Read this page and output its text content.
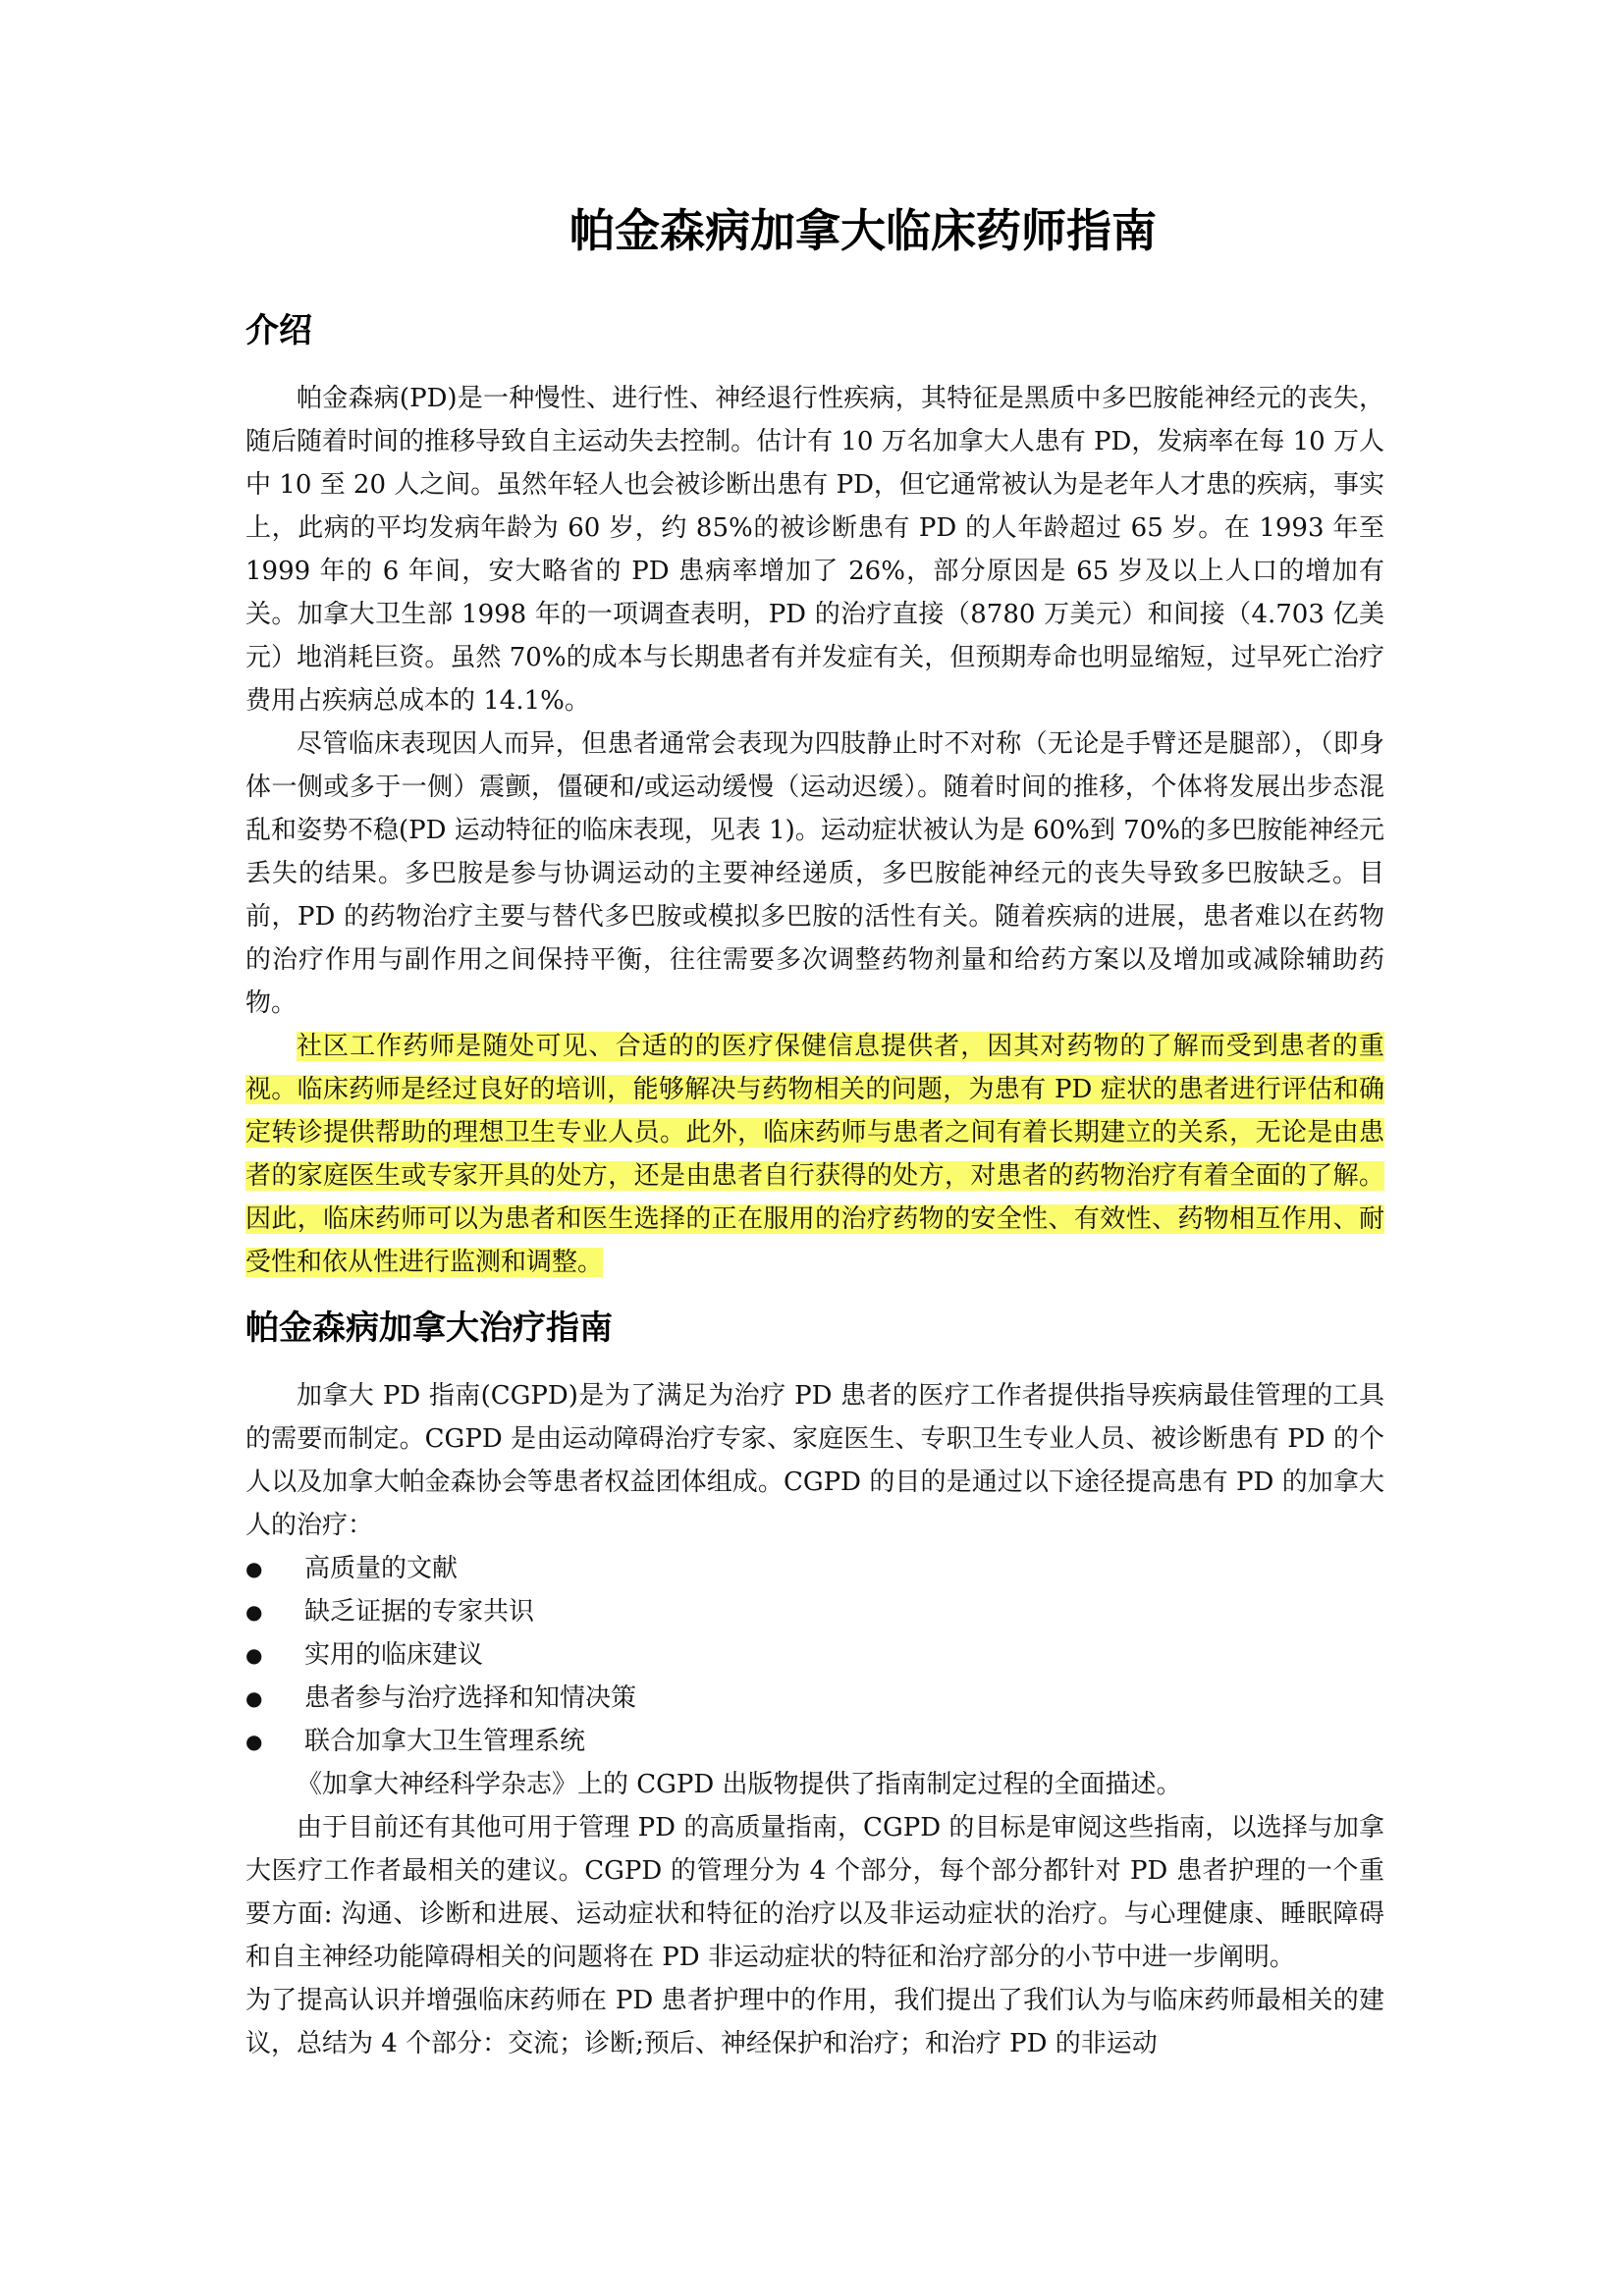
帕金森病加拿大临床药师指南
介绍

帕金森病(PD)是一种慢性、进行性、神经退行性疾病，其特征是黑质中多巴胺能神经元的丧失，随后随着时间的推移导致自主运动失去控制。估计有 10 万名加拿大人患有 PD，发病率在每 10 万人中 10 至 20 人之间。虽然年轻人也会被诊断出患有 PD，但它通常被认为是老年人才患的疾病，事实上，此病的平均发病年龄为 60 岁，约 85%的被诊断患有 PD 的人年龄超过 65 岁。在 1993 年至 1999 年的 6 年间，安大略省的 PD 患病率增加了 26%，部分原因是 65 岁及以上人口的增加有关。加拿大卫生部 1998 年的一项调查表明，PD 的治疗直接（8780 万美元）和间接（4.703 亿美元）地消耗巨资。虽然 70%的成本与长期患者有并发症有关，但预期寿命也明显缩短，过早死亡治疗费用占疾病总成本的 14.1%。

尽管临床表现因人而异，但患者通常会表现为四肢静止时不对称（无论是手臂还是腿部），（即身体一侧或多于一侧）震颤，僵硬和/或运动缓慢（运动迟缓）。随着时间的推移，个体将发展出步态混乱和姿势不稳(PD 运动特征的临床表现，见表 1)。运动症状被认为是 60%到 70%的多巴胺能神经元丢失的结果。多巴胺是参与协调运动的主要神经递质，多巴胺能神经元的丧失导致多巴胺缺乏。目前，PD 的药物治疗主要与替代多巴胺或模拟多巴胺的活性有关。随着疾病的进展，患者难以在药物的治疗作用与副作用之间保持平衡，往往需要多次调整药物剂量和给药方案以及增加或减除辅助药物。

社区工作药师是随处可见、合适的的医疗保健信息提供者，因其对药物的了解而受到患者的重视。临床药师是经过良好的培训，能够解决与药物相关的问题，为患有 PD 症状的患者进行评估和确定转诊提供帮助的理想卫生专业人员。此外，临床药师与患者之间有着长期建立的关系，无论是由患者的家庭医生或专家开具的处方，还是由患者自行获得的处方，对患者的药物治疗有着全面的了解。因此，临床药师可以为患者和医生选择的正在服用的治疗药物的安全性、有效性、药物相互作用、耐受性和依从性进行监测和调整。

帕金森病加拿大治疗指南

加拿大 PD 指南(CGPD)是为了满足为治疗 PD 患者的医疗工作者提供指导疾病最佳管理的工具的需要而制定。CGPD 是由运动障碍治疗专家、家庭医生、专职卫生专业人员、被诊断患有 PD 的个人以及加拿大帕金森协会等患者权益团体组成。CGPD 的目的是通过以下途径提高患有 PD 的加拿大人的治疗：

●	高质量的文献
●	缺乏证据的专家共识
●	实用的临床建议
●	患者参与治疗选择和知情决策
●	联合加拿大卫生管理系统

《加拿大神经科学杂志》上的 CGPD 出版物提供了指南制定过程的全面描述。

由于目前还有其他可用于管理 PD 的高质量指南，CGPD 的目标是审阅这些指南，以选择与加拿大医疗工作者最相关的建议。CGPD 的管理分为 4 个部分，每个部分都针对 PD 患者护理的一个重要方面: 沟通、诊断和进展、运动症状和特征的治疗以及非运动症状的治疗。与心理健康、睡眠障碍和自主神经功能障碍相关的问题将在 PD 非运动症状的特征和治疗部分的小节中进一步阐明。

为了提高认识并增强临床药师在 PD 患者护理中的作用，我们提出了我们认为与临床药师最相关的建议，总结为 4 个部分：交流；诊断;预后、神经保护和治疗；和治疗 PD 的非运动
